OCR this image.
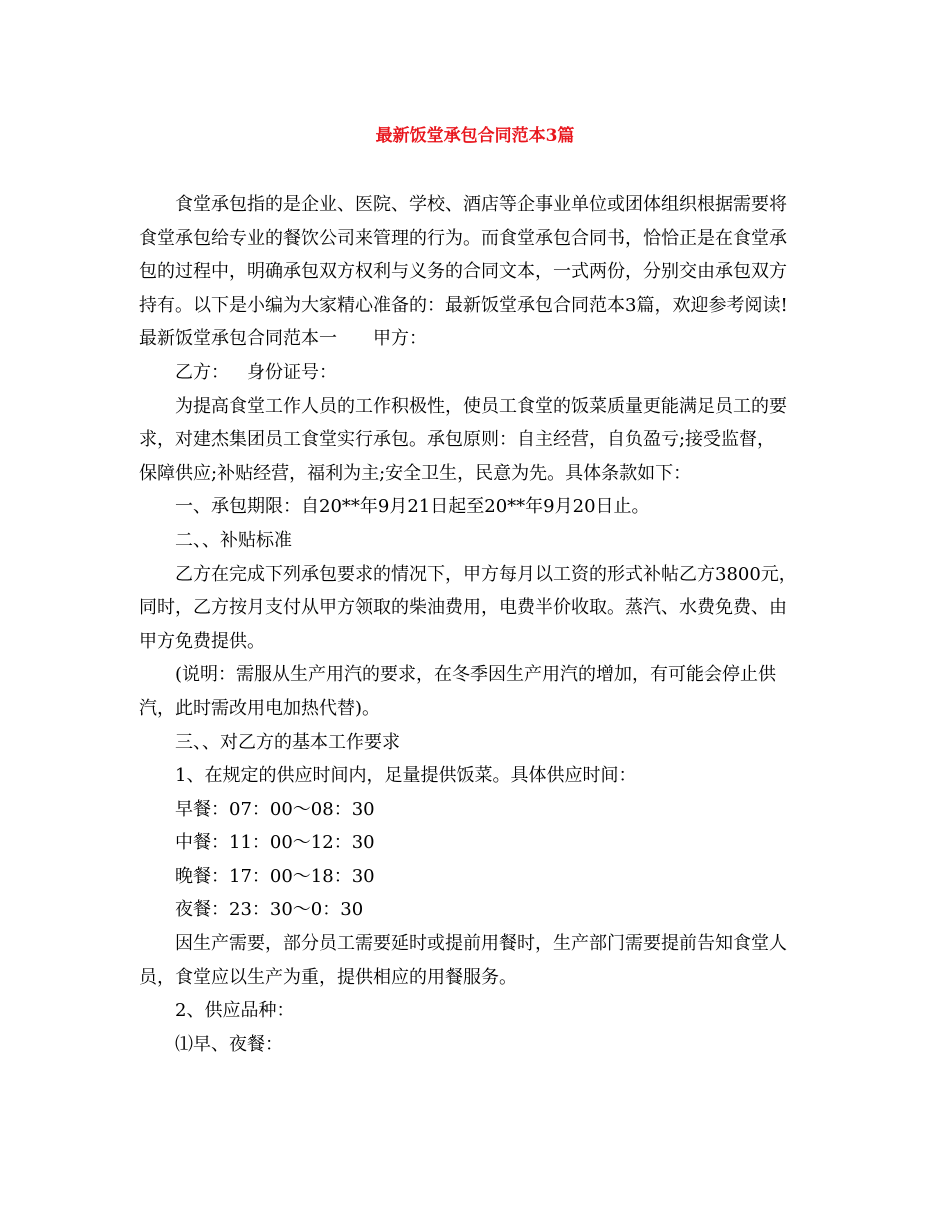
最新饭堂承包合同范本3篇

食堂承包指的是企业、医院、学校、酒店等企事业单位或团体组织根据需要将

食堂承包给专业的餐饮公司来管理的行为。而食堂承包合同书，恰恰正是在食堂承

包的过程中，明确承包双方权利与义务的合同文本，一式两份，分别交由承包双方

持有。以下是小编为大家精心准备的：最新饭堂承包合同范本3篇，欢迎参考阅读!

最新饭堂承包合同范本一 甲方：

乙方： 身份证号：

为提高食堂工作人员的工作积极性，使员工食堂的饭菜质量更能满足员工的要

求，对建杰集团员工食堂实行承包。承包原则：自主经营，自负盈亏;接受监督，

保障供应;补贴经营，福利为主;安全卫生，民意为先。具体条款如下：

一、承包期限：自20**年9月21日起至20**年9月20日止。

二、、补贴标准

乙方在完成下列承包要求的情况下，甲方每月以工资的形式补帖乙方3800元，

同时，乙方按月支付从甲方领取的柴油费用，电费半价收取。蒸汽、水费免费、由

甲方免费提供。

(说明：需服从生产用汽的要求，在冬季因生产用汽的增加，有可能会停止供

汽，此时需改用电加热代替)。

三、、对乙方的基本工作要求

1、在规定的供应时间内，足量提供饭菜。具体供应时间：

早餐：07：00～08：30

中餐：11：00～12：30

晚餐：17：00～18：30

夜餐：23：30～0：30

因生产需要，部分员工需要延时或提前用餐时，生产部门需要提前告知食堂人

员，食堂应以生产为重，提供相应的用餐服务。

2、供应品种：

⑴早、夜餐：
